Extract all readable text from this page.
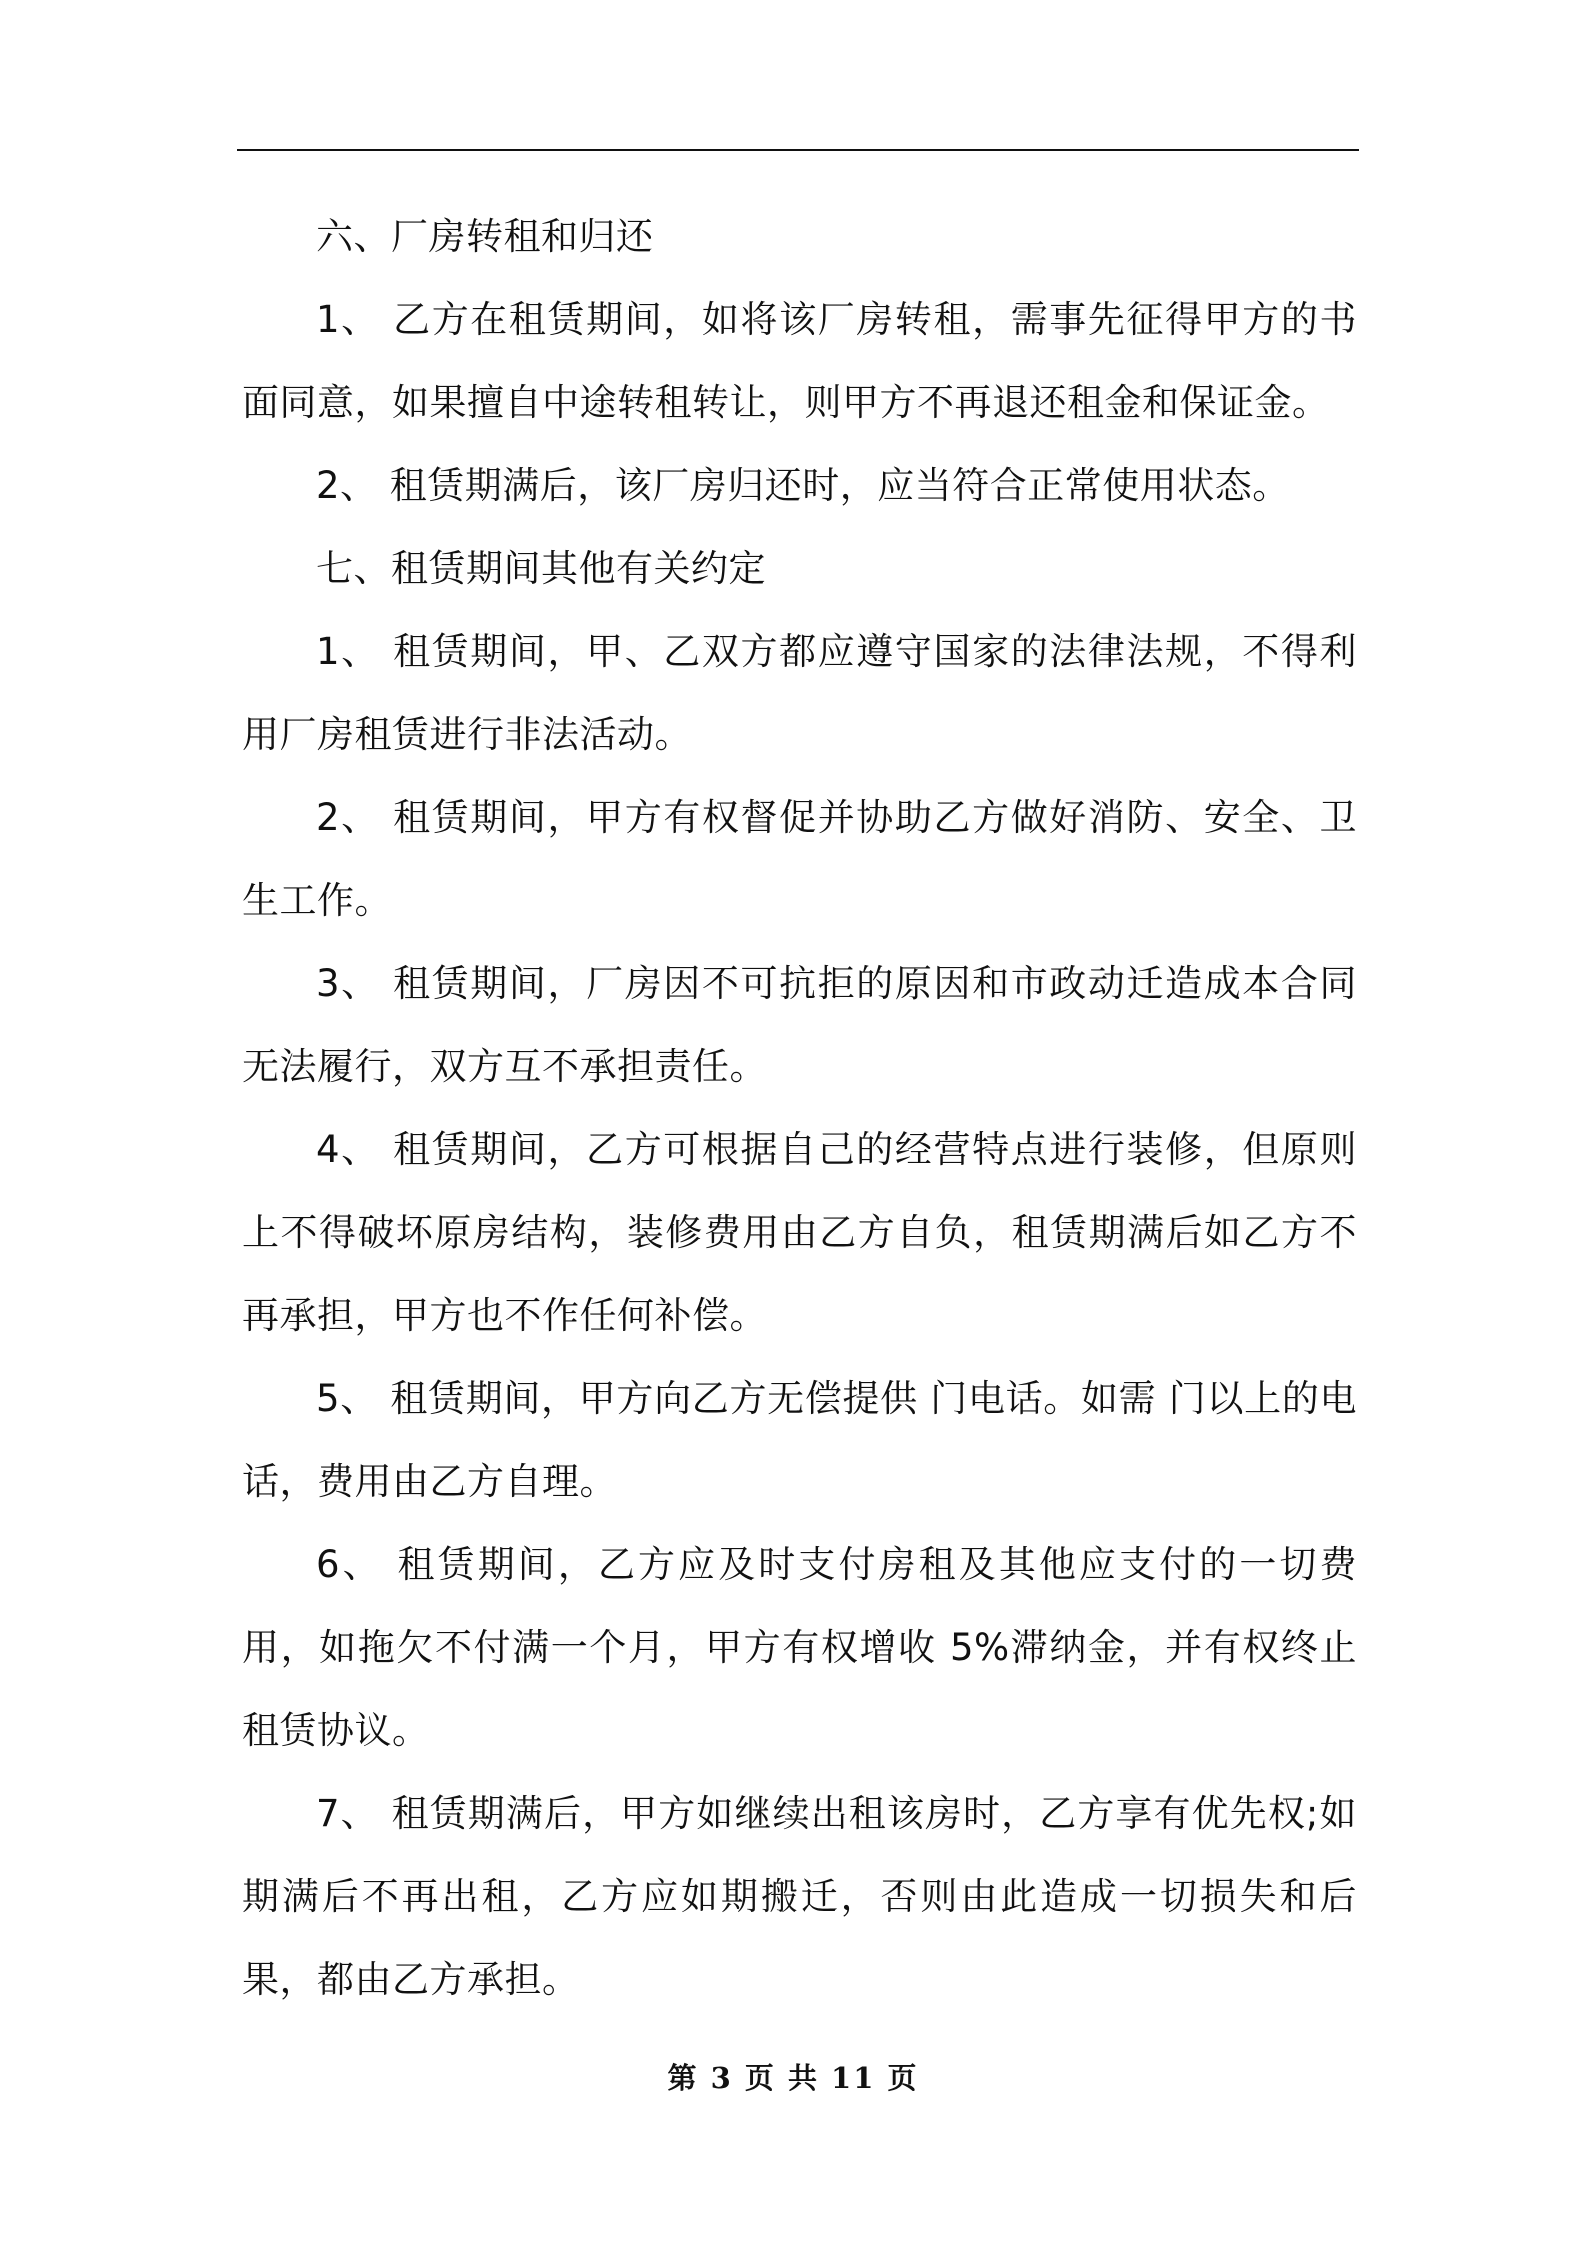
六、厂房转租和归还

1、 乙方在租赁期间，如将该厂房转租，需事先征得甲方的书面同意，如果擅自中途转租转让，则甲方不再退还租金和保证金。

2、 租赁期满后，该厂房归还时，应当符合正常使用状态。

七、租赁期间其他有关约定

1、 租赁期间，甲、乙双方都应遵守国家的法律法规，不得利用厂房租赁进行非法活动。

2、 租赁期间，甲方有权督促并协助乙方做好消防、安全、卫生工作。

3、 租赁期间，厂房因不可抗拒的原因和市政动迁造成本合同无法履行，双方互不承担责任。

4、 租赁期间，乙方可根据自己的经营特点进行装修，但原则上不得破坏原房结构，装修费用由乙方自负，租赁期满后如乙方不再承担，甲方也不作任何补偿。

5、 租赁期间，甲方向乙方无偿提供 门电话。如需 门以上的电话，费用由乙方自理。

6、 租赁期间，乙方应及时支付房租及其他应支付的一切费用，如拖欠不付满一个月，甲方有权增收 5%滞纳金，并有权终止租赁协议。

7、 租赁期满后，甲方如继续出租该房时，乙方享有优先权;如期满后不再出租，乙方应如期搬迁，否则由此造成一切损失和后果，都由乙方承担。

第 3 页 共 11 页
